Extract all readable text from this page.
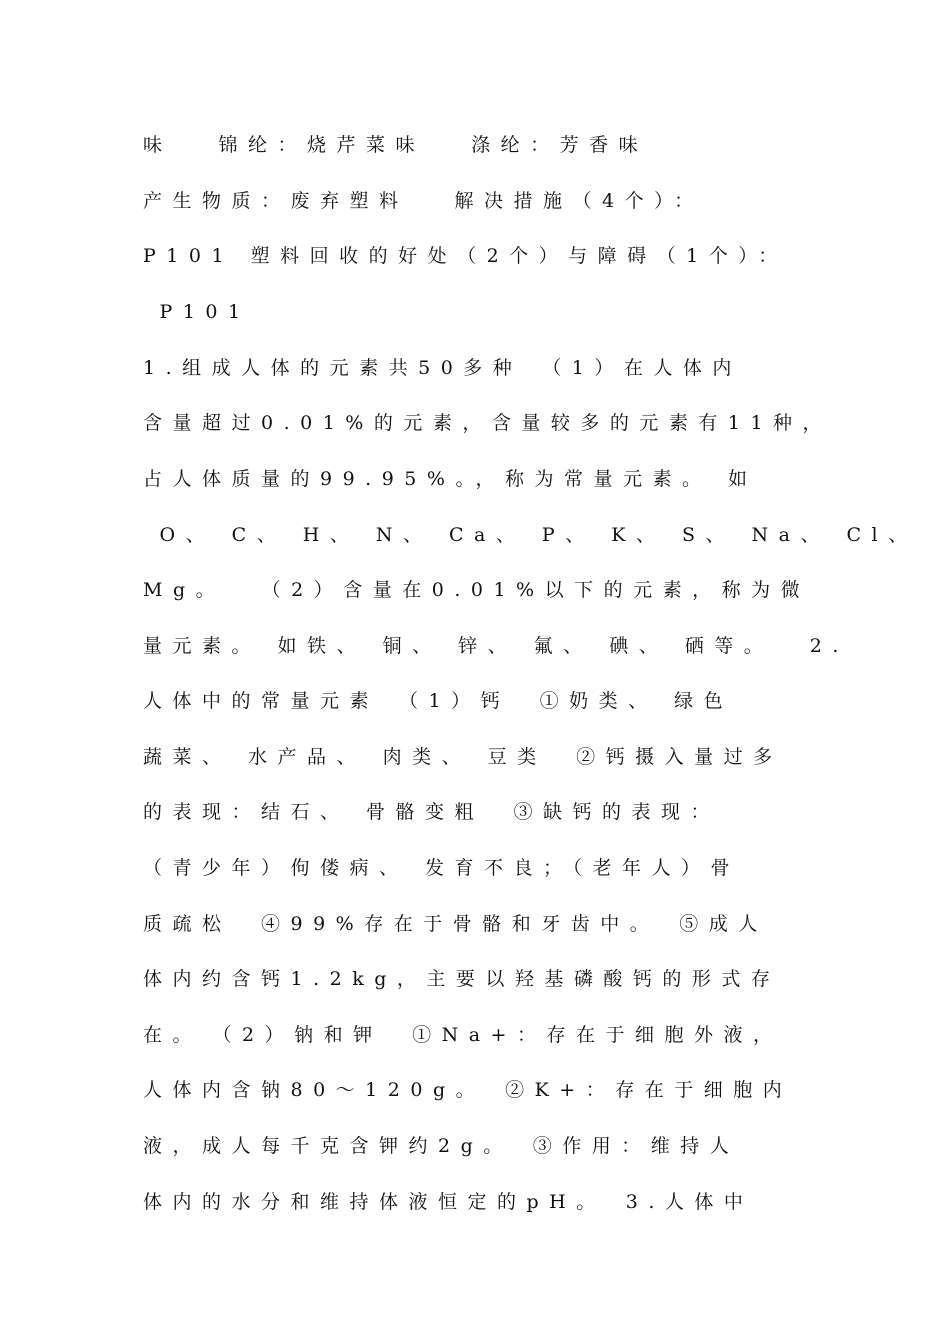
味　 锦纶：烧芹菜味　 涤纶：芳香味
产生物质：废弃塑料　 解决措施（4个）：
P101 塑料回收的好处（2个）与障碍（1个）：
P101
1.组成人体的元素共50多种　（1）在人体内
含量超过0.01%的元素，含量较多的元素有11种，
占人体质量的99.95%。，称为常量元素。 如
O、 C、 H、 N、 Ca、 P、 K、 S、 Na、 Cl、
Mg。　 （2）含量在0.01%以下的元素，称为微
量元素。 如铁、 铜、 锌、 氟、 碘、 硒等。　 2.
人体中的常量元素　（1）钙　①奶类、 绿色
蔬菜、 水产品、 肉类、 豆类　②钙摄入量过多
的表现：结石、 骨骼变粗　③缺钙的表现：
（青少年）佝偻病、 发育不良；（老年人）骨
质疏松　④99%存在于骨骼和牙齿中。　⑤成人
体内约含钙1.2kg，主要以羟基磷酸钙的形式存
在。　（2）钠和钾　①Na+：存在于细胞外液，
人体内含钠80～120g。　②K+：存在于细胞内
液，成人每千克含钾约2g。　③作用：维持人
体内的水分和维持体液恒定的pH。　3.人体中
